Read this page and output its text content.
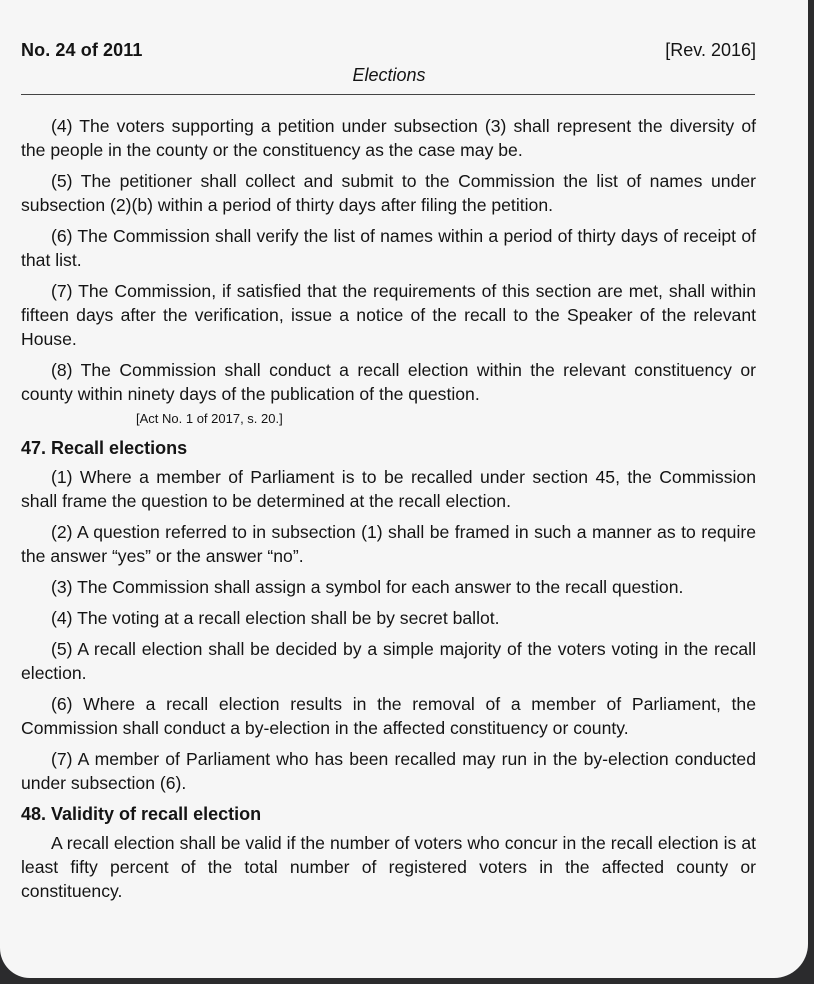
No. 24 of 2011	[Rev. 2016]
Elections

(4) The voters supporting a petition under subsection (3) shall represent the diversity of the people in the county or the constituency as the case may be.

(5) The petitioner shall collect and submit to the Commission the list of names under subsection (2)(b) within a period of thirty days after filing the petition.

(6) The Commission shall verify the list of names within a period of thirty days of receipt of that list.

(7) The Commission, if satisfied that the requirements of this section are met, shall within fifteen days after the verification, issue a notice of the recall to the Speaker of the relevant House.

(8) The Commission shall conduct a recall election within the relevant constituency or county within ninety days of the publication of the question.

[Act No. 1 of 2017, s. 20.]

47. Recall elections

(1) Where a member of Parliament is to be recalled under section 45, the Commission shall frame the question to be determined at the recall election.

(2) A question referred to in subsection (1) shall be framed in such a manner as to require the answer “yes” or the answer “no”.

(3) The Commission shall assign a symbol for each answer to the recall question.

(4) The voting at a recall election shall be by secret ballot.

(5) A recall election shall be decided by a simple majority of the voters voting in the recall election.

(6) Where a recall election results in the removal of a member of Parliament, the Commission shall conduct a by-election in the affected constituency or county.

(7) A member of Parliament who has been recalled may run in the by-election conducted under subsection (6).

48. Validity of recall election

A recall election shall be valid if the number of voters who concur in the recall election is at least fifty percent of the total number of registered voters in the affected county or constituency.
